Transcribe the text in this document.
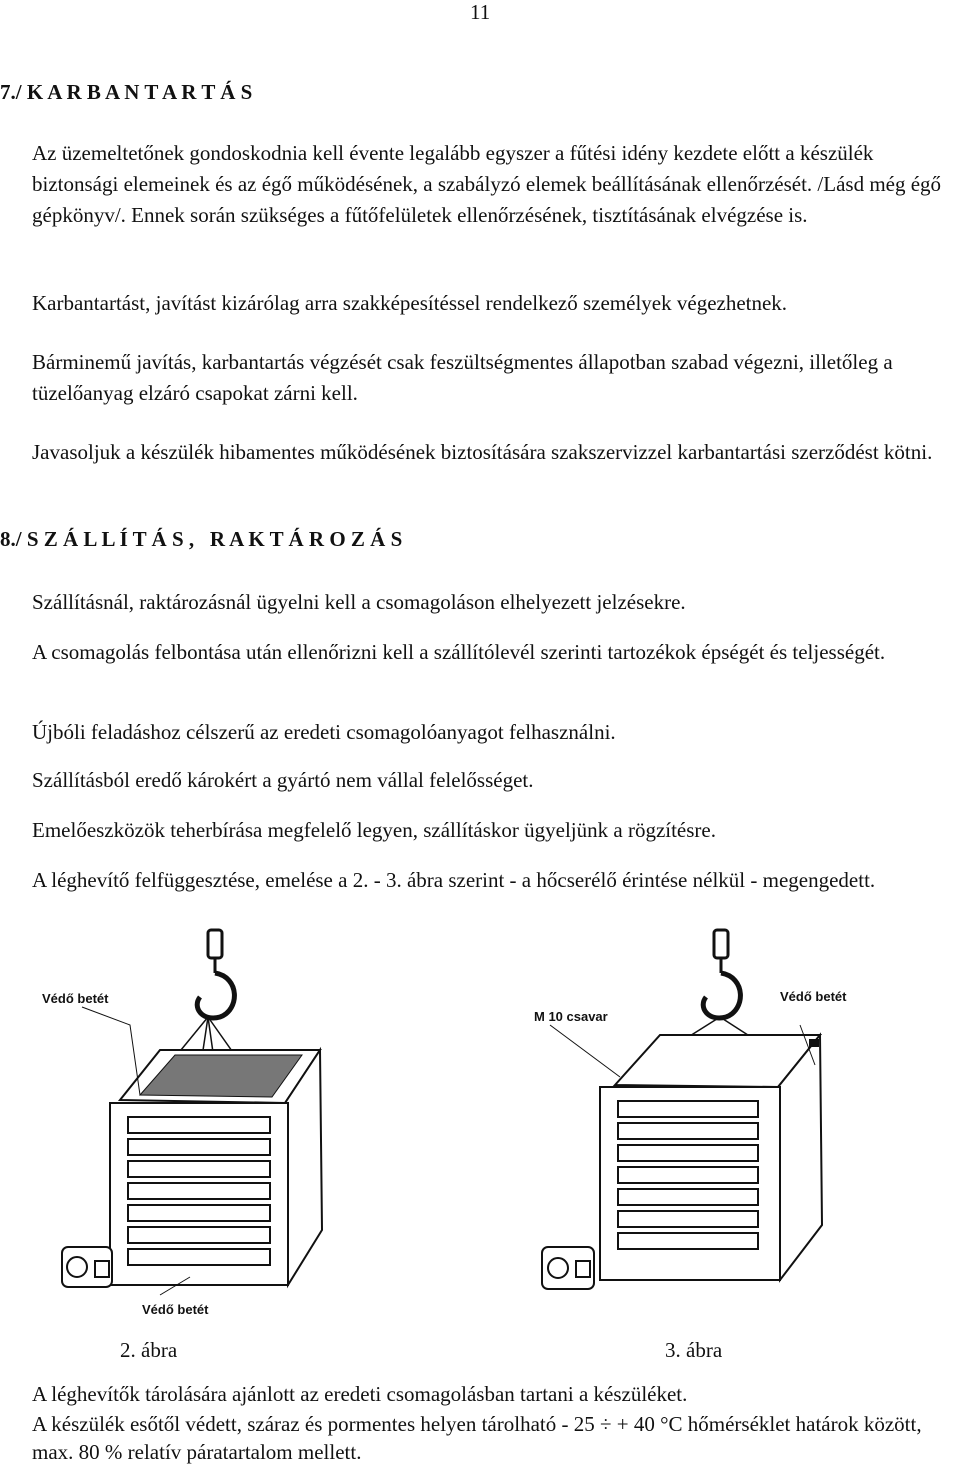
11
7./ K A R B A N T A R T Á S

Az üzemeltetőnek gondoskodnia kell évente legalább egyszer a fűtési idény kezdete előtt a készülék biztonsági elemeinek és az égő működésének, a szabályzó elemek beállításának ellenőrzését. /Lásd még égő gépkönyv/. Ennek során szükséges a fűtőfelületek ellenőrzésének, tisztításának elvégzése is.

Karbantartást, javítást kizárólag arra szakképesítéssel rendelkező személyek végezhetnek.

Bárminemű javítás, karbantartás végzését csak feszültségmentes állapotban szabad végezni, illetőleg a tüzelőanyag elzáró csapokat zárni kell.

Javasoljuk a készülék hibamentes működésének biztosítására szakszervizzel karbantartási szerződést kötni.

8./ S Z Á L L Í T Á S ,   R A K T Á R O Z Á S

Szállításnál, raktározásnál ügyelni kell a csomagoláson elhelyezett jelzésekre.

A csomagolás felbontása után ellenőrizni kell a szállítólevél szerinti tartozékok épségét és teljességét.

Újbóli feladáshoz célszerű az eredeti csomagolóanyagot felhasználni.

Szállításból eredő károkért a gyártó nem vállal felelősséget.

Emelőeszközök teherbírása megfelelő legyen, szállításkor ügyeljünk a rögzítésre.

A léghevítő felfüggesztése, emelése a 2. - 3. ábra szerint - a hőcserélő érintése nélkül - megengedett.

Védő betét
Védő betét
M 10 csavar
Védő betét
2. ábra	3. ábra

A léghevítők tárolására ajánlott az eredeti csomagolásban tartani a készüléket.

A készülék esőtől védett, száraz és pormentes helyen tárolható - 25 ÷ + 40 °C hőmérséklet határok között, max. 80 % relatív páratartalom mellett.
